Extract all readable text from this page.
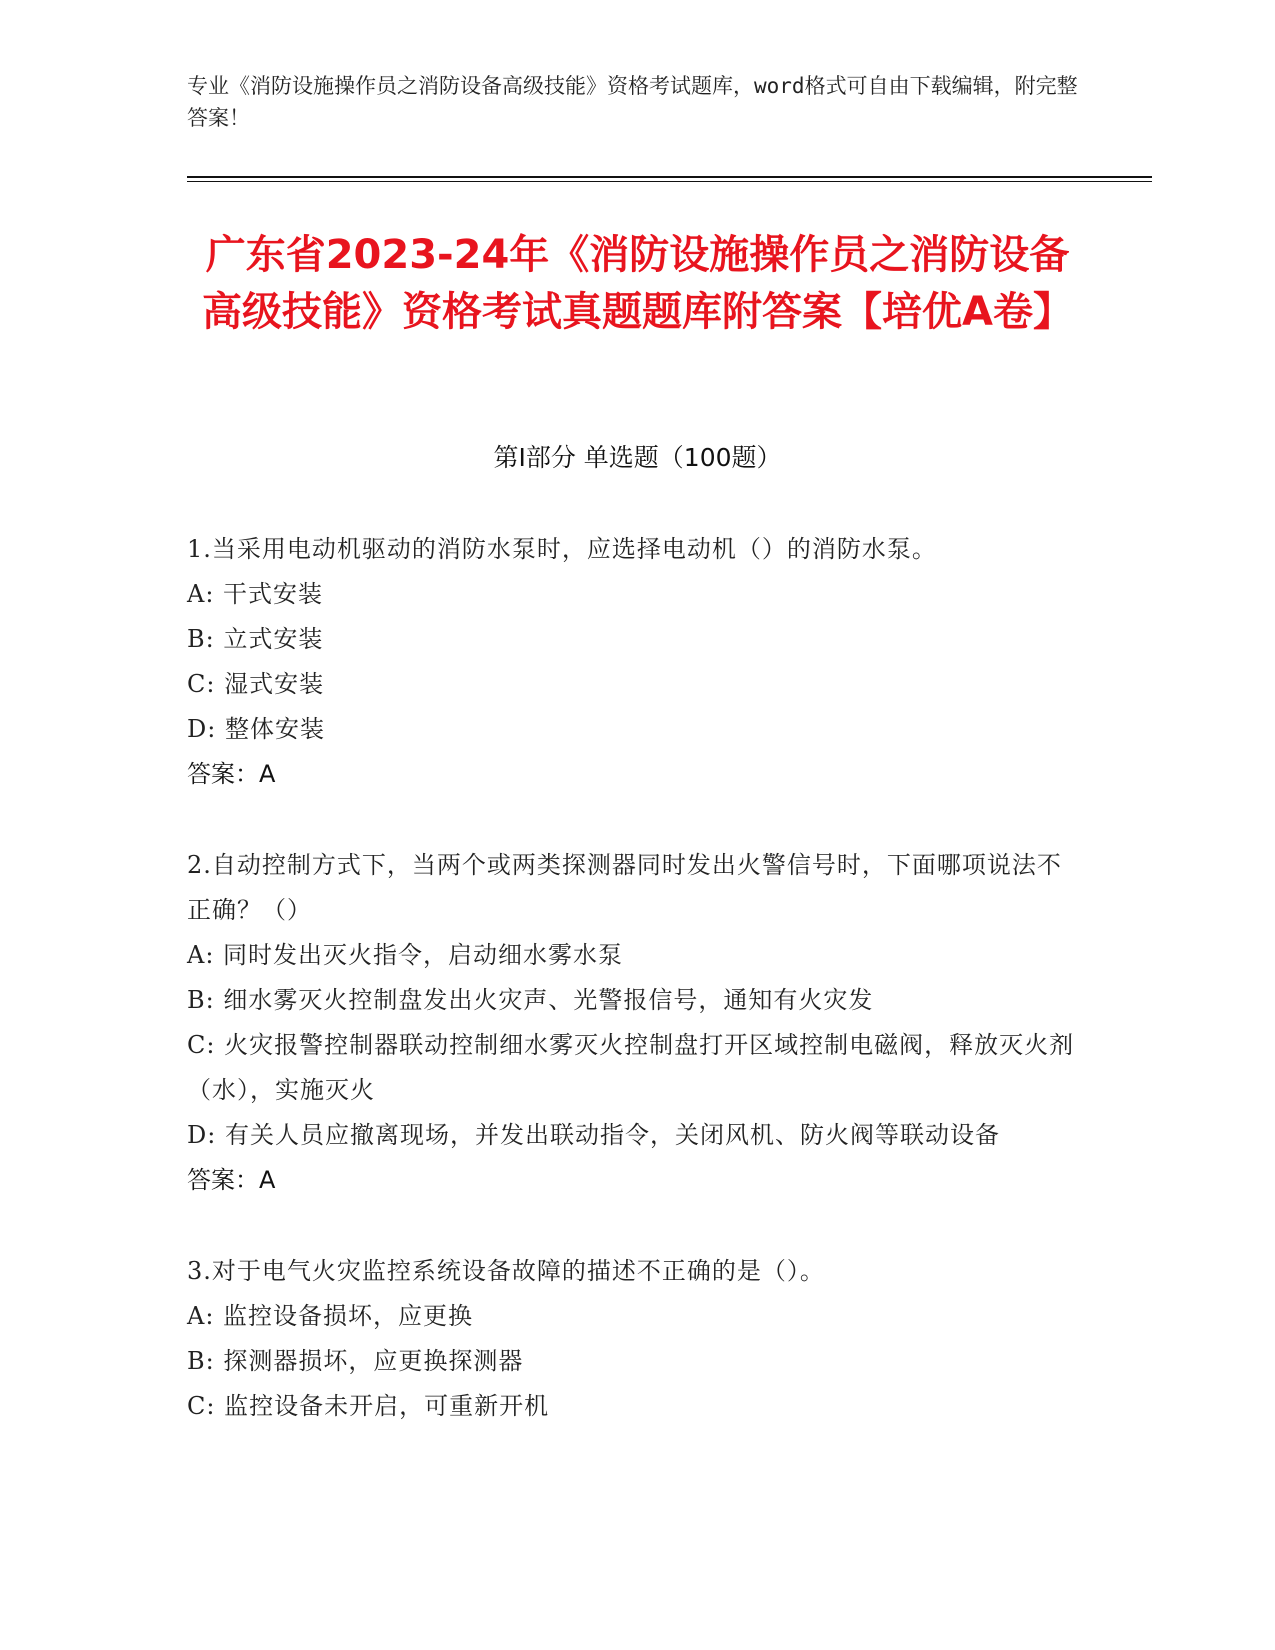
专业《消防设施操作员之消防设备高级技能》资格考试题库，word格式可自由下载编辑，附完整答案！
广东省2023-24年《消防设施操作员之消防设备高级技能》资格考试真题题库附答案【培优A卷】
第Ⅰ部分 单选题（100题）
1.当采用电动机驱动的消防水泵时，应选择电动机（）的消防水泵。
A: 干式安装
B: 立式安装
C: 湿式安装
D: 整体安装
答案：A
2.自动控制方式下，当两个或两类探测器同时发出火警信号时，下面哪项说法不正确？（）
A: 同时发出灭火指令，启动细水雾水泵
B: 细水雾灭火控制盘发出火灾声、光警报信号，通知有火灾发
C: 火灾报警控制器联动控制细水雾灭火控制盘打开区域控制电磁阀，释放灭火剂（水），实施灭火
D: 有关人员应撤离现场，并发出联动指令，关闭风机、防火阀等联动设备
答案：A
3.对于电气火灾监控系统设备故障的描述不正确的是（）。
A: 监控设备损坏，应更换
B: 探测器损坏，应更换探测器
C: 监控设备未开启，可重新开机
